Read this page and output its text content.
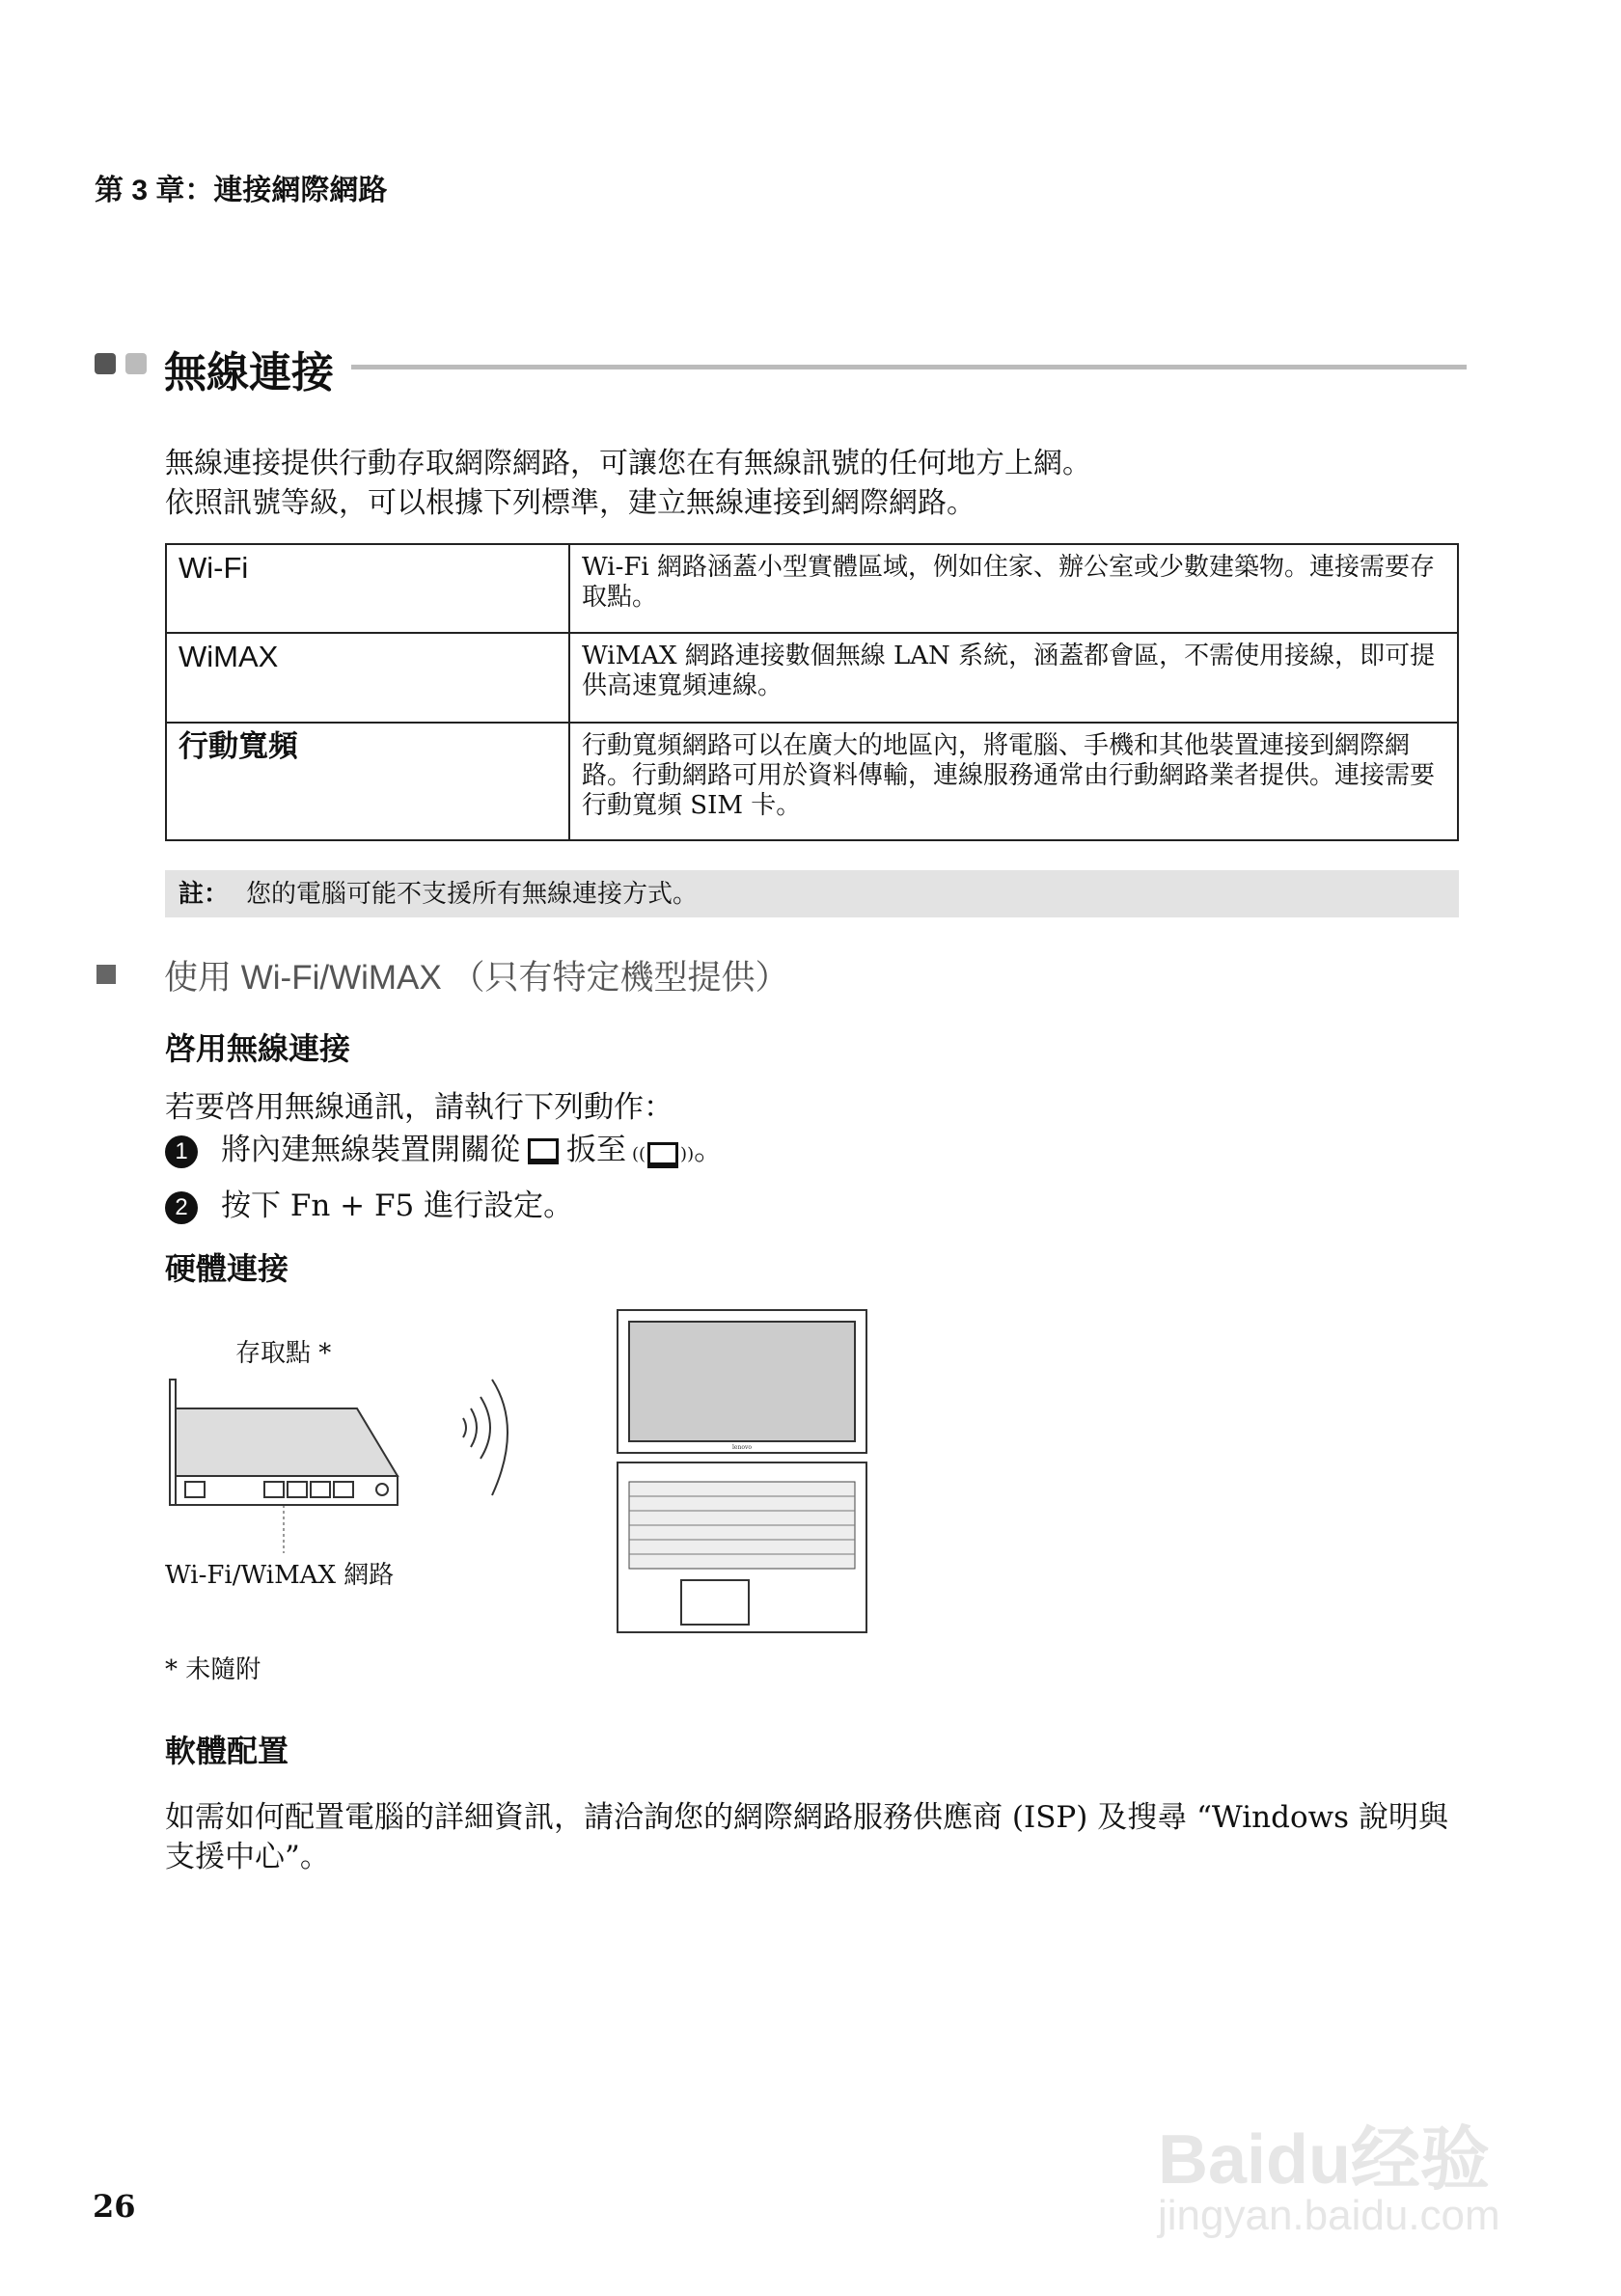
第 3 章：連接網際網路
無線連接
無線連接提供行動存取網際網路，可讓您在有無線訊號的任何地方上網。
依照訊號等級，可以根據下列標準，建立無線連接到網際網路。
Wi-Fi	Wi-Fi 網路涵蓋小型實體區域，例如住家、辦公室或少數建築物。連接需要存取點。
WiMAX	WiMAX 網路連接數個無線 LAN 系統，涵蓋都會區，不需使用接線，即可提供高速寬頻連線。
行動寬頻	行動寬頻網路可以在廣大的地區內，將電腦、手機和其他裝置連接到網際網路。行動網路可用於資料傳輸，連線服務通常由行動網路業者提供。連接需要行動寬頻 SIM 卡。
註： 您的電腦可能不支援所有無線連接方式。
使用 Wi-Fi/WiMAX （只有特定機型提供）
啓用無線連接
若要啓用無線通訊，請執行下列動作：
1 將內建無線裝置開關從 扳至 (( ))。
2 按下 Fn + F5 進行設定。
硬體連接
存取點 *
Wi-Fi/WiMAX 網路
lenovo
* 未隨附
軟體配置
如需如何配置電腦的詳細資訊，請洽詢您的網際網路服務供應商 (ISP) 及搜尋 “Windows 說明與
支援中心”。
26
Baidu经验
jingyan.baidu.com
